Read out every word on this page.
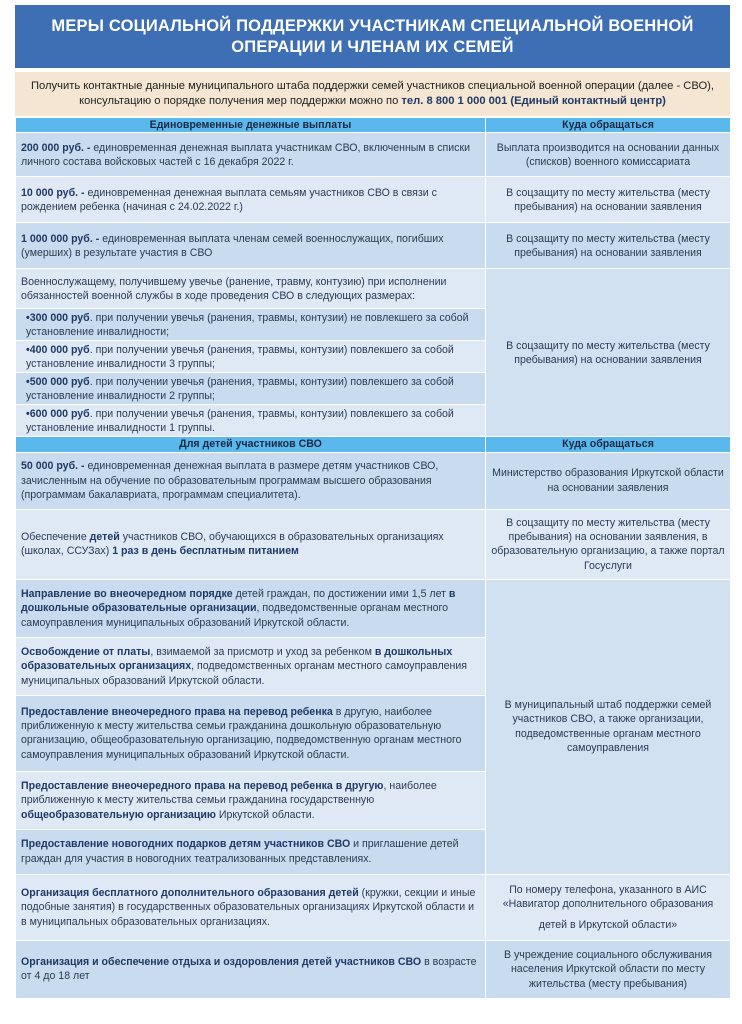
МЕРЫ СОЦИАЛЬНОЙ ПОДДЕРЖКИ УЧАСТНИКАМ СПЕЦИАЛЬНОЙ ВОЕННОЙ
ОПЕРАЦИИ И ЧЛЕНАМ ИХ СЕМЕЙ
Получить контактные данные муниципального штаба поддержки семей участников специальной военной операции (далее - СВО),
консультацию о порядке получения мер поддержки можно по тел. 8 800 1 000 001 (Единый контактный центр)
Единовременные денежные выплаты	Куда обращаться
200 000 руб. - единовременная денежная выплата участникам СВО, включенным в списки личного состава войсковых частей с 16 декабря 2022 г.	Выплата производится на основании данных (списков) военного комиссариата
10 000 руб. - единовременная денежная выплата семьям участников СВО в связи с рождением ребенка (начиная с 24.02.2022 г.)	В соцзащиту по месту жительства (месту пребывания) на основании заявления
1 000 000 руб. - единовременная выплата членам семей военнослужащих, погибших (умерших) в результате участия в СВО	В соцзащиту по месту жительства (месту пребывания) на основании заявления
Военнослужащему, получившему увечье (ранение, травму, контузию) при исполнении обязанностей военной службы в ходе проведения СВО в следующих размерах:	В соцзащиту по месту жительства (месту пребывания) на основании заявления
•300 000 руб. при получении увечья (ранения, травмы, контузии) не повлекшего за собой установление инвалидности;	
•400 000 руб. при получении увечья (ранения, травмы, контузии) повлекшего за собой установление инвалидности 3 группы;	
•500 000 руб. при получении увечья (ранения, травмы, контузии) повлекшего за собой установление инвалидности 2 группы;	
•600 000 руб. при получении увечья (ранения, травмы, контузии) повлекшего за собой установление инвалидности 1 группы.	
Для детей участников СВО	Куда обращаться
50 000 руб. - единовременная денежная выплата в размере детям участников СВО, зачисленным на обучение по образовательным программам высшего образования (программам бакалавриата, программам специалитета).	Министерство образования Иркутской области на основании заявления
Обеспечение детей участников СВО, обучающихся в образовательных организациях (школах, ССУЗах) 1 раз в день бесплатным питанием	В соцзащиту по месту жительства (месту пребывания) на основании заявления, в образовательную организацию, а также портал Госуслуги
Направление во внеочередном порядке детей граждан, по достижении ими 1,5 лет в дошкольные образовательные организации, подведомственные органам местного самоуправления муниципальных образований Иркутской области.	В муниципальный штаб поддержки семей участников СВО, а также организации, подведомственные органам местного самоуправления
Освобождение от платы, взимаемой за присмотр и уход за ребенком в дошкольных образовательных организациях, подведомственных органам местного самоуправления муниципальных образований Иркутской области.	
Предоставление внеочередного права на перевод ребенка в другую, наиболее приближенную к месту жительства семьи гражданина дошкольную образовательную организацию, общеобразовательную организацию, подведомственную органам местного самоуправления муниципальных образований Иркутской области.	
Предоставление внеочередного права на перевод ребенка в другую, наиболее приближенную к месту жительства семьи гражданина государственную общеобразовательную организацию Иркутской области.	
Предоставление новогодних подарков детям участников СВО и приглашение детей граждан для участия в новогодних театрализованных представлениях.	
Организация бесплатного дополнительного образования детей (кружки, секции и иные подобные занятия) в государственных образовательных организациях Иркутской области и в муниципальных образовательных организациях.	По номеру телефона, указанного в АИС «Навигатор дополнительного образования
детей в Иркутской области»

Организация и обеспечение отдыха и оздоровления детей участников СВО в возрасте от 4 до 18 лет	В учреждение социального обслуживания населения Иркутской области по месту жительства (месту пребывания)
